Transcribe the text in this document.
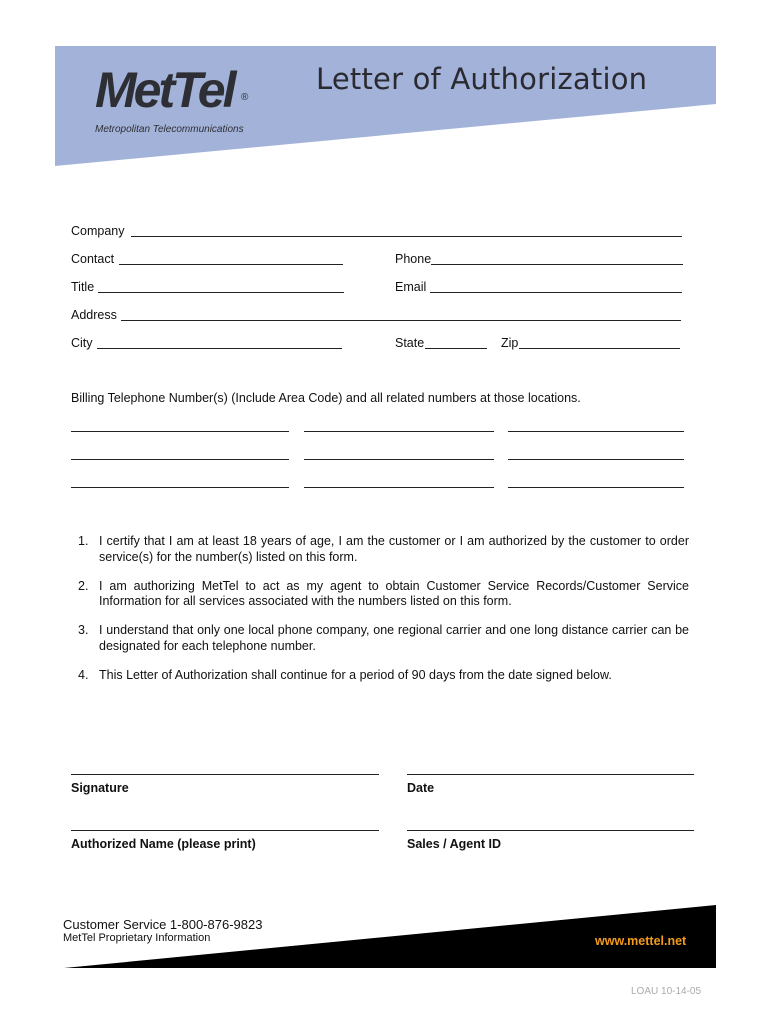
MetTel ®
Metropolitan Telecommunications
Letter of Authorization
Company
Contact	Phone
Title	Email
Address
City	State	Zip
Billing Telephone Number(s) (Include Area Code) and all related numbers at those locations.
1. I certify that I am at least 18 years of age, I am the customer or I am authorized by the customer to order service(s) for the number(s) listed on this form.
2. I am authorizing MetTel to act as my agent to obtain Customer Service Records/Customer Service Information for all services associated with the numbers listed on this form.
3. I understand that only one local phone company, one regional carrier and one long distance carrier can be designated for each telephone number.
4. This Letter of Authorization shall continue for a period of 90 days from the date signed below.
Signature	Date
Authorized Name (please print)	Sales / Agent ID
Customer Service 1-800-876-9823
MetTel Proprietary Information	www.mettel.net
LOAU 10-14-05
